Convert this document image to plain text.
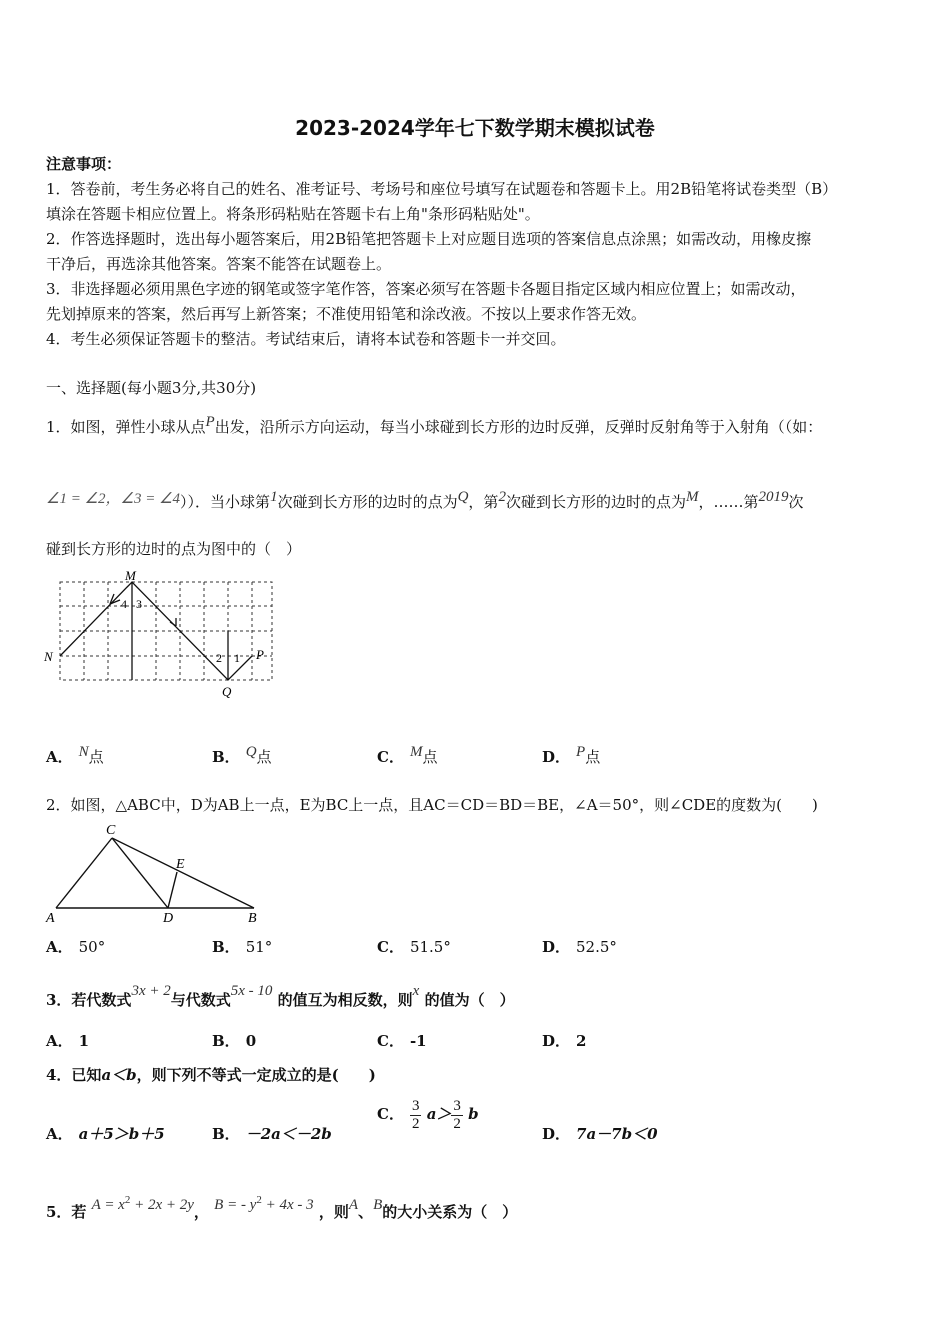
2023-2024学年七下数学期末模拟试卷
注意事项：
1．答卷前，考生务必将自己的姓名、准考证号、考场号和座位号填写在试题卷和答题卡上。用2B铅笔将试卷类型（B）
填涂在答题卡相应位置上。将条形码粘贴在答题卡右上角"条形码粘贴处"。
2．作答选择题时，选出每小题答案后，用2B铅笔把答题卡上对应题目选项的答案信息点涂黑；如需改动，用橡皮擦
干净后，再选涂其他答案。答案不能答在试题卷上。
3．非选择题必须用黑色字迹的钢笔或签字笔作答，答案必须写在答题卡各题目指定区域内相应位置上；如需改动，
先划掉原来的答案，然后再写上新答案；不准使用铅笔和涂改液。不按以上要求作答无效。
4．考生必须保证答题卡的整洁。考试结束后，请将本试卷和答题卡一并交回。
一、选择题(每小题3分,共30分)
1．如图，弹性小球从点P出发，沿所示方向运动，每当小球碰到长方形的边时反弹，反弹时反射角等于入射角（（如：
∠1 = ∠2，∠3 = ∠4））．当小球第1次碰到长方形的边时的点为Q，第2次碰到长方形的边时的点为M，……第2019次
碰到长方形的边时的点为图中的（　）
M
N	P
Q
4 3
2 1
A． N点	B． Q点	C． M点	D． P点
2．如图，△ABC中，D为AB上一点，E为BC上一点，且AC＝CD＝BD＝BE，∠A＝50°，则∠CDE的度数为(　　)
C
A	D	B
E
A． 50°	B． 51°	C． 51.5°	D． 52.5°
3．若代数式3x + 2与代数式5x - 10 的值互为相反数，则x 的值为（　）
A． 1	B． 0	C． -1	D． 2
4．已知a＜b，则下列不等式一定成立的是(　　)
A． a＋5＞b＋5	B． －2a＜－2b
C． $\frac{3}{2} a> \frac{3}{2}$ b
D． 7a－7b＜0
5．若 $A = x^2 + 2x + 2y$， B = - $y^2 + 4x - 3$ ，则A、B的大小关系为（　）
